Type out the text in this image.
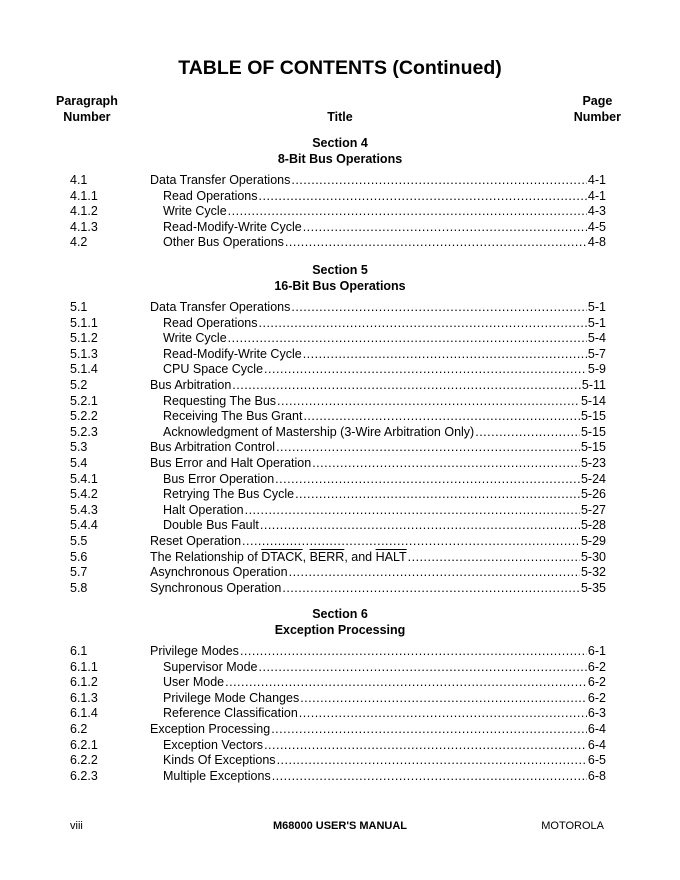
TABLE OF CONTENTS (Continued)
Paragraph
Number	Title
Page
Number
Section 4
8-Bit Bus Operations
4.1	Data Transfer Operations .....	4-1
4.1.1	Read Operations .....	4-1
4.1.2	Write Cycle .....	4-3
4.1.3	Read-Modify-Write Cycle .....	4-5
4.2	Other Bus Operations .....	4-8
Section 5
16-Bit Bus Operations
5.1	Data Transfer Operations .....	5-1
5.1.1	Read Operations .....	5-1
5.1.2	Write Cycle .....	5-4
5.1.3	Read-Modify-Write Cycle .....	5-7
5.1.4	CPU Space Cycle .....	5-9
5.2	Bus Arbitration .....	5-11
5.2.1	Requesting The Bus .....	5-14
5.2.2	Receiving The Bus Grant .....	5-15
5.2.3	Acknowledgment of Mastership (3-Wire Arbitration Only) .....	5-15
5.3	Bus Arbitration Control .....	5-15
5.4	Bus Error and Halt Operation .....	5-23
5.4.1	Bus Error Operation .....	5-24
5.4.2	Retrying The Bus Cycle .....	5-26
5.4.3	Halt Operation .....	5-27
5.4.4	Double Bus Fault .....	5-28
5.5	Reset Operation .....	5-29
5.6	The Relationship of DTACK, BERR, and HALT .....	5-30
5.7	Asynchronous Operation .....	5-32
5.8	Synchronous Operation .....	5-35
Section 6
Exception Processing
6.1	Privilege Modes .....	6-1
6.1.1	Supervisor Mode .....	6-2
6.1.2	User Mode .....	6-2
6.1.3	Privilege Mode Changes .....	6-2
6.1.4	Reference Classification .....	6-3
6.2	Exception Processing .....	6-4
6.2.1	Exception Vectors .....	6-4
6.2.2	Kinds Of Exceptions .....	6-5
6.2.3	Multiple Exceptions .....	6-8
viii	M68000 USER'S MANUAL	MOTOROLA
